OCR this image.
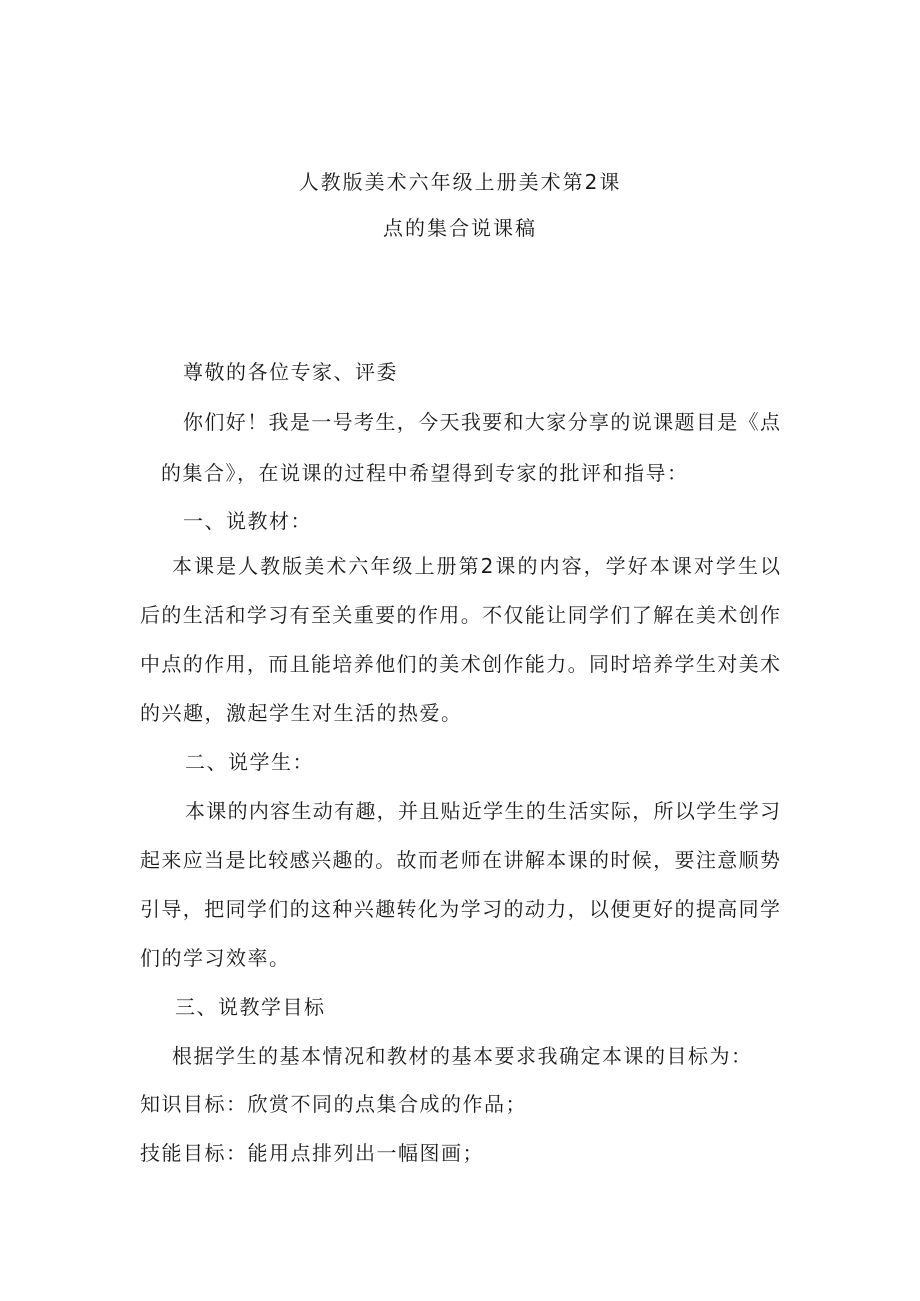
人教版美术六年级上册美术第2课
点的集合说课稿
尊敬的各位专家、评委
你们好！我是一号考生，今天我要和大家分享的说课题目是《点
的集合》，在说课的过程中希望得到专家的批评和指导：
一、说教材：
本课是人教版美术六年级上册第2课的内容，学好本课对学生以
后的生活和学习有至关重要的作用。不仅能让同学们了解在美术创作
中点的作用，而且能培养他们的美术创作能力。同时培养学生对美术
的兴趣，激起学生对生活的热爱。
二、说学生：
本课的内容生动有趣，并且贴近学生的生活实际，所以学生学习
起来应当是比较感兴趣的。故而老师在讲解本课的时候，要注意顺势
引导，把同学们的这种兴趣转化为学习的动力，以便更好的提高同学
们的学习效率。
三、说教学目标
根据学生的基本情况和教材的基本要求我确定本课的目标为：
知识目标：欣赏不同的点集合成的作品；
技能目标：能用点排列出一幅图画；
